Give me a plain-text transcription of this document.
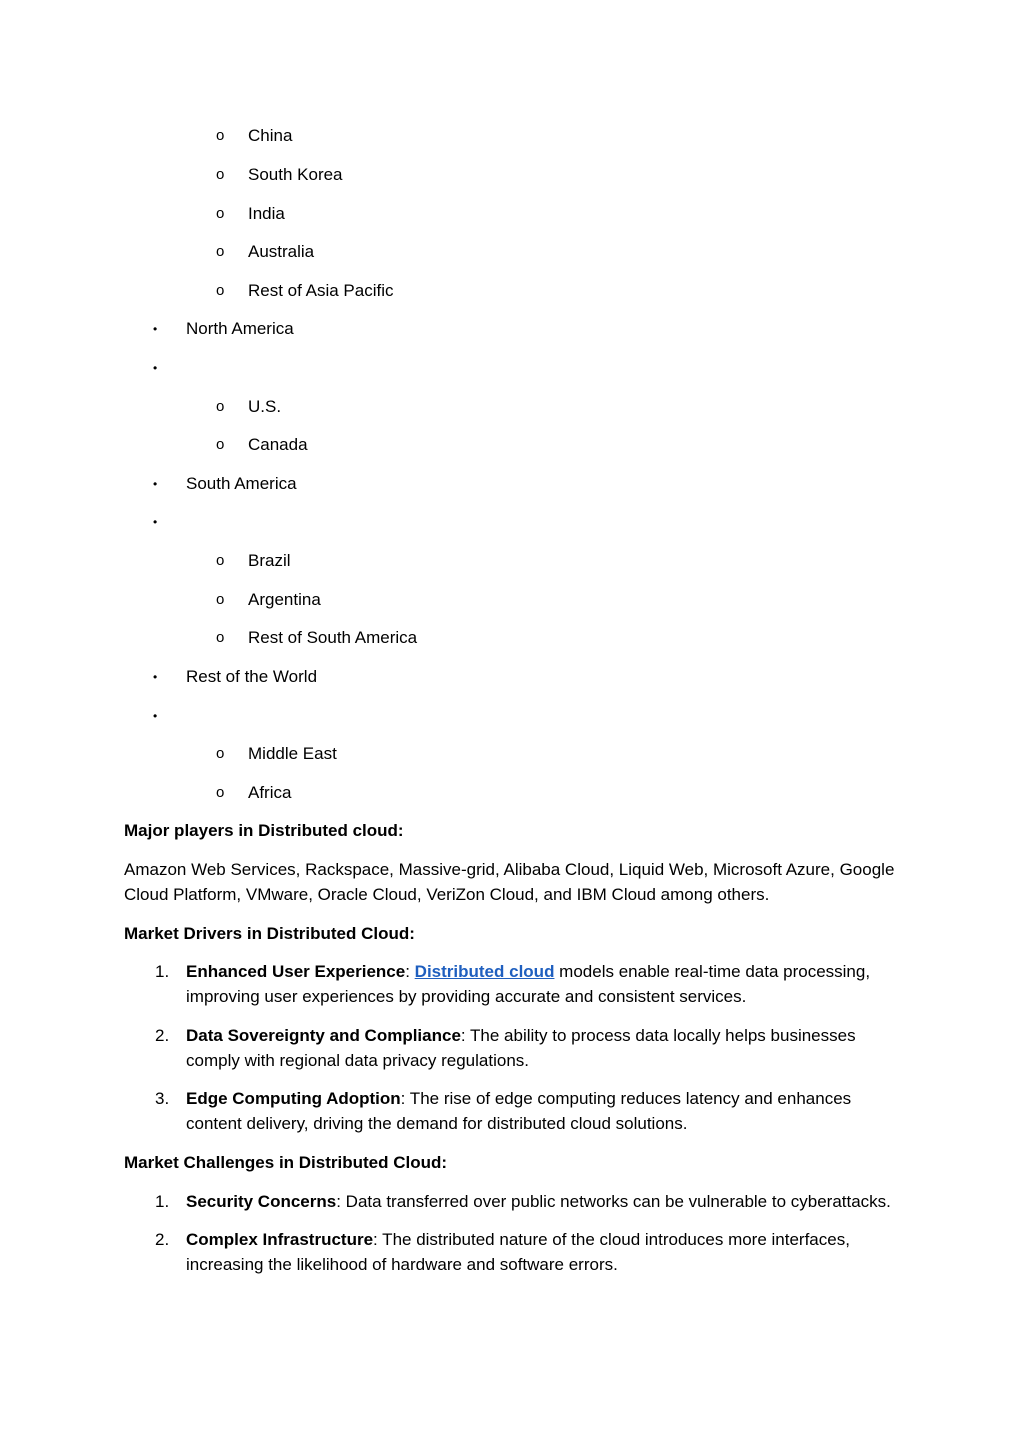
o China
o South Korea
o India
o Australia
o Rest of Asia Pacific
• North America
•
o U.S.
o Canada
• South America
•
o Brazil
o Argentina
o Rest of South America
• Rest of the World
•
o Middle East
o Africa
Major players in Distributed cloud:
Amazon Web Services, Rackspace, Massive-grid, Alibaba Cloud, Liquid Web, Microsoft Azure, Google
Cloud Platform, VMware, Oracle Cloud, VeriZon Cloud, and IBM Cloud among others.
Market Drivers in Distributed Cloud:
1. Enhanced User Experience: Distributed cloud models enable real-time data processing,
improving user experiences by providing accurate and consistent services.
2. Data Sovereignty and Compliance: The ability to process data locally helps businesses
comply with regional data privacy regulations.
3. Edge Computing Adoption: The rise of edge computing reduces latency and enhances
content delivery, driving the demand for distributed cloud solutions.
Market Challenges in Distributed Cloud:
1. Security Concerns: Data transferred over public networks can be vulnerable to cyberattacks.
2. Complex Infrastructure: The distributed nature of the cloud introduces more interfaces,
increasing the likelihood of hardware and software errors.
